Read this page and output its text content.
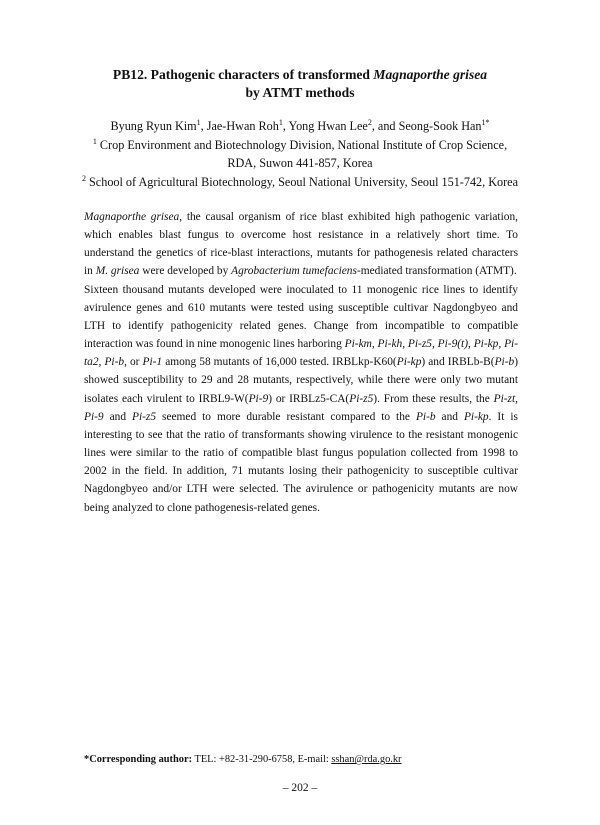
PB12. Pathogenic characters of transformed Magnaporthe grisea
by ATMT methods
Byung Ryun Kim$^1$, Jae-Hwan Roh$^1$, Yong Hwan Lee$^2$, and Seong-Sook Han$^{1*}$
$^1$ Crop Environment and Biotechnology Division, National Institute of Crop Science,
RDA, Suwon 441-857, Korea
$^2$ School of Agricultural Biotechnology, Seoul National University, Seoul 151-742, Korea

Magnaporthe grisea, the causal organism of rice blast exhibited high pathogenic variation, which enables blast fungus to overcome host resistance in a relatively short time. To understand the genetics of rice-blast interactions, mutants for pathogenesis related characters in M. grisea were developed by Agrobacterium tumefaciens-mediated transformation (ATMT).

Sixteen thousand mutants developed were inoculated to 11 monogenic rice lines to identify avirulence genes and 610 mutants were tested using susceptible cultivar Nagdongbyeo and LTH to identify pathogenicity related genes. Change from incompatible to compatible interaction was found in nine monogenic lines harboring Pi-km, Pi-kh, Pi-z5, Pi-9(t), Pi-kp, Pi-ta2, Pi-b, or Pi-1 among 58 mutants of 16,000 tested. IRBLkp-K60(Pi-kp) and IRBLb-B(Pi-b) showed susceptibility to 29 and 28 mutants, respectively, while there were only two mutant isolates each virulent to IRBL9-W(Pi-9) or IRBLz5-CA(Pi-z5). From these results, the Pi-zt, Pi-9 and Pi-z5 seemed to more durable resistant compared to the Pi-b and Pi-kp. It is interesting to see that the ratio of transformants showing virulence to the resistant monogenic lines were similar to the ratio of compatible blast fungus population collected from 1998 to 2002 in the field. In addition, 71 mutants losing their pathogenicity to susceptible cultivar Nagdongbyeo and/or LTH were selected. The avirulence or pathogenicity mutants are now being analyzed to clone pathogenesis-related genes.

*Corresponding author: TEL: +82-31-290-6758, E-mail: sshan@rda.go.kr
– 202 –
